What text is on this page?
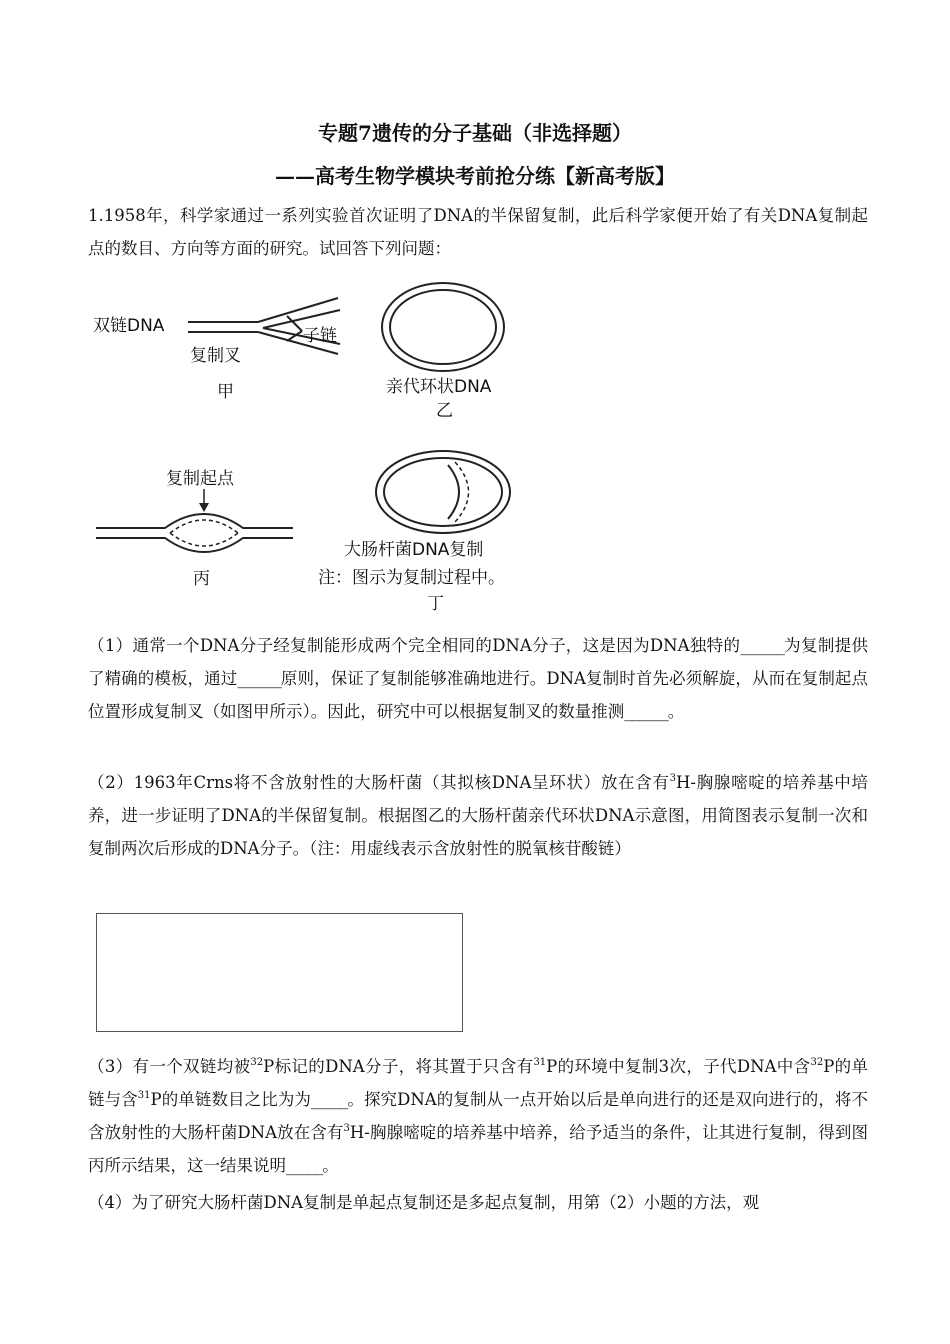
专题7遗传的分子基础（非选择题）
——高考生物学模块考前抢分练【新高考版】
1.1958年，科学家通过一系列实验首次证明了DNA的半保留复制，此后科学家便开始了有关DNA复制起点的数目、方向等方面的研究。试回答下列问题：
双链DNA	子链
复制叉
甲	亲代环状DNA
乙
复制起点
丙
大肠杆菌DNA复制
注：图示为复制过程中。
丁
（1）通常一个DNA分子经复制能形成两个完全相同的DNA分子，这是因为DNA独特的______为复制提供了精确的模板，通过______原则，保证了复制能够准确地进行。DNA复制时首先必须解旋，从而在复制起点位置形成复制叉（如图甲所示）。因此，研究中可以根据复制叉的数量推测______。
（2）1963年Crns将不含放射性的大肠杆菌（其拟核DNA呈环状）放在含有$^3$H-胸腺嘧啶的培养基中培养，进一步证明了DNA的半保留复制。根据图乙的大肠杆菌亲代环状DNA示意图，用简图表示复制一次和复制两次后形成的DNA分子。（注：用虚线表示含放射性的脱氧核苷酸链）
（3）有一个双链均被$^{32}$P标记的DNA分子，将其置于只含有$^{31}$P的环境中复制3次，子代DNA中含$^{32}$P的单链与含$^{31}$P的单链数目之比为为_____。探究DNA的复制从一点开始以后是单向进行的还是双向进行的，将不含放射性的大肠杆菌DNA放在含有$^3$H-胸腺嘧啶的培养基中培养，给予适当的条件，让其进行复制，得到图丙所示结果，这一结果说明_____。
（4）为了研究大肠杆菌DNA复制是单起点复制还是多起点复制，用第（2）小题的方法，观
